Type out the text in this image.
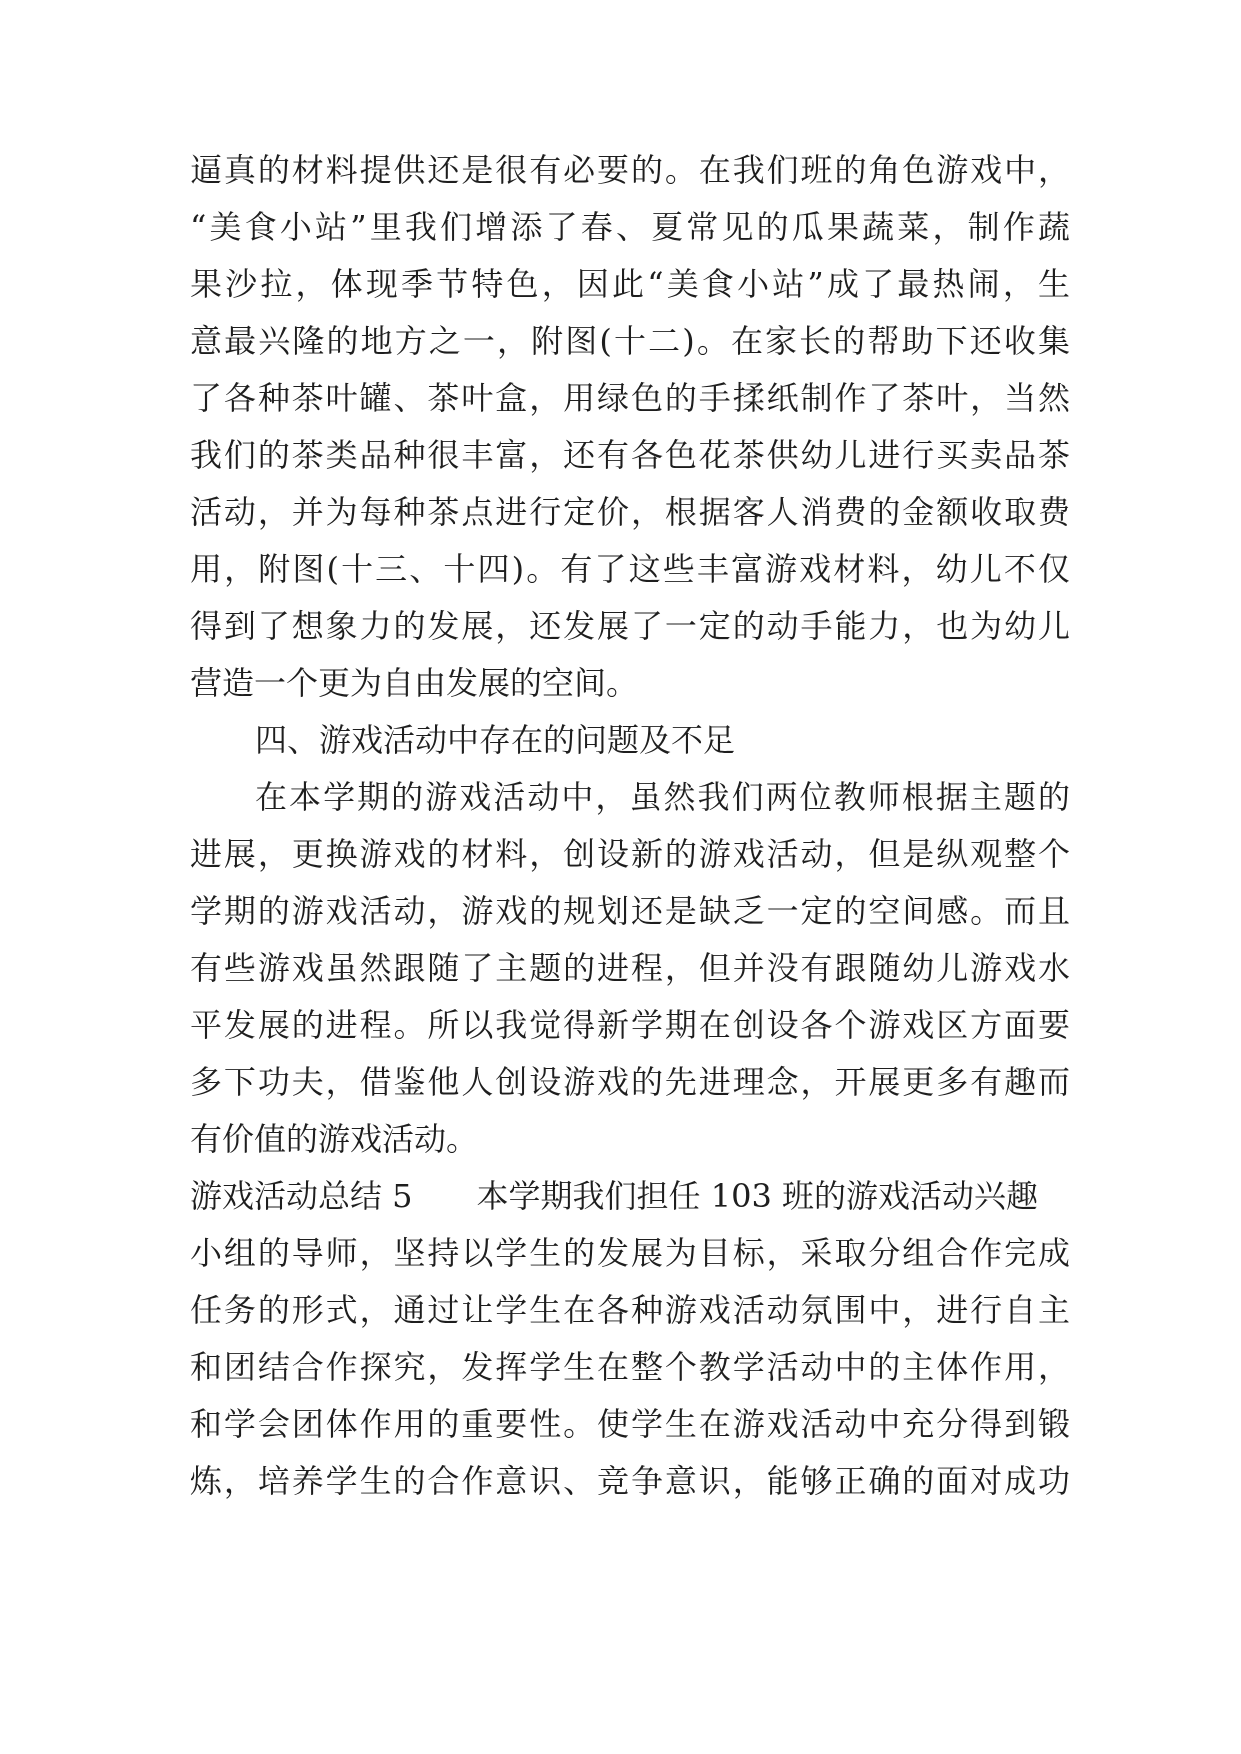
逼真的材料提供还是很有必要的。在我们班的角色游戏中，
“美食小站”里我们增添了春、夏常见的瓜果蔬菜，制作蔬
果沙拉，体现季节特色，因此“美食小站”成了最热闹，生
意最兴隆的地方之一，附图(十二)。在家长的帮助下还收集
了各种茶叶罐、茶叶盒，用绿色的手揉纸制作了茶叶，当然
我们的茶类品种很丰富，还有各色花茶供幼儿进行买卖品茶
活动，并为每种茶点进行定价，根据客人消费的金额收取费
用，附图(十三、十四)。有了这些丰富游戏材料，幼儿不仅
得到了想象力的发展，还发展了一定的动手能力，也为幼儿
营造一个更为自由发展的空间。
四、游戏活动中存在的问题及不足
在本学期的游戏活动中，虽然我们两位教师根据主题的
进展，更换游戏的材料，创设新的游戏活动，但是纵观整个
学期的游戏活动，游戏的规划还是缺乏一定的空间感。而且
有些游戏虽然跟随了主题的进程，但并没有跟随幼儿游戏水
平发展的进程。所以我觉得新学期在创设各个游戏区方面要
多下功夫，借鉴他人创设游戏的先进理念，开展更多有趣而
有价值的游戏活动。
游戏活动总结 5 本学期我们担任 103 班的游戏活动兴趣
小组的导师，坚持以学生的发展为目标，采取分组合作完成
任务的形式，通过让学生在各种游戏活动氛围中，进行自主
和团结合作探究，发挥学生在整个教学活动中的主体作用，
和学会团体作用的重要性。使学生在游戏活动中充分得到锻
炼，培养学生的合作意识、竞争意识，能够正确的面对成功
